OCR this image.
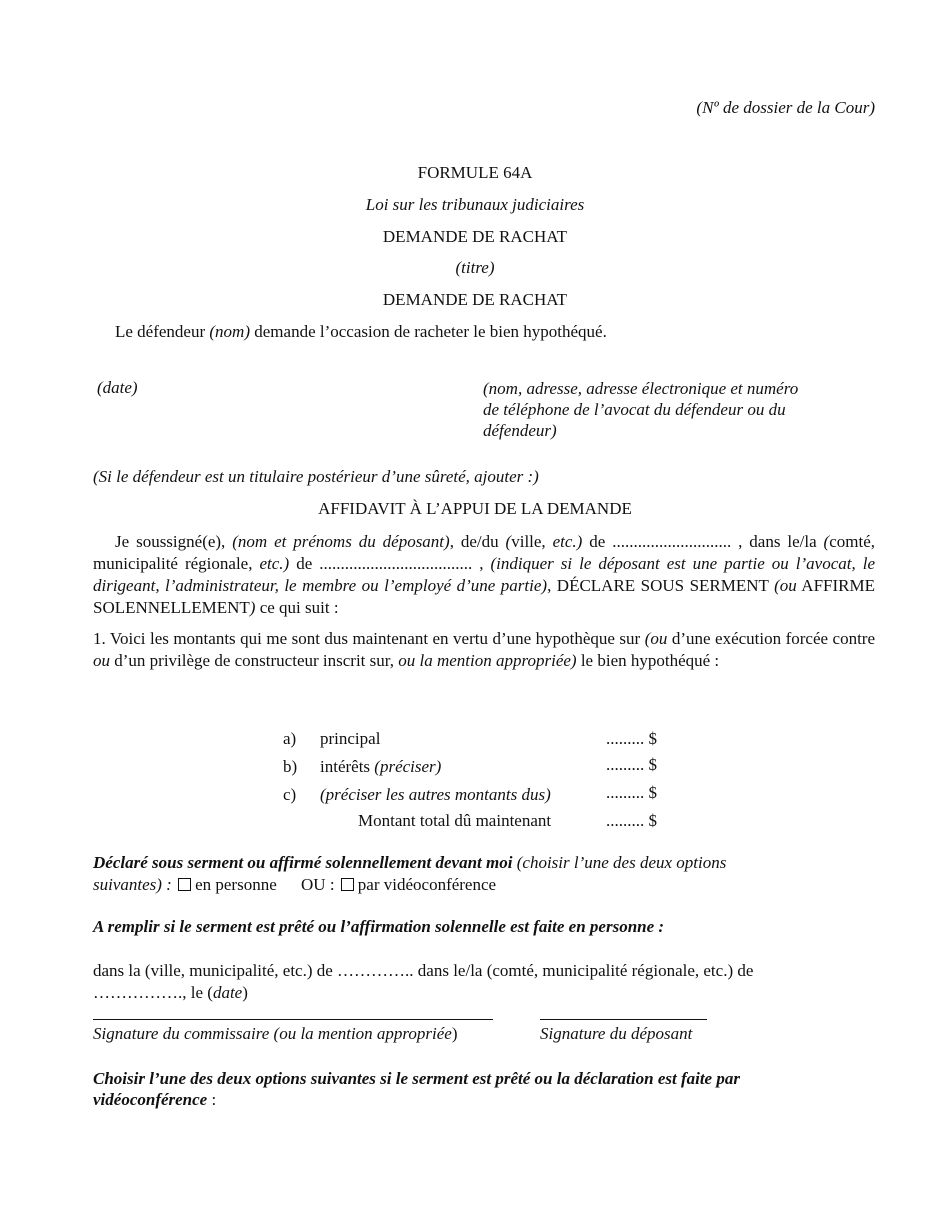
(Nº de dossier de la Cour)
FORMULE 64A
Loi sur les tribunaux judiciaires
DEMANDE DE RACHAT
(titre)
DEMANDE DE RACHAT
Le défendeur (nom) demande l’occasion de racheter le bien hypothéqué.
(date)	(nom, adresse, adresse électronique et numéro
de téléphone de l’avocat du défendeur ou du
défendeur)
(Si le défendeur est un titulaire postérieur d’une sûreté, ajouter :)
AFFIDAVIT À L’APPUI DE LA DEMANDE
Je soussigné(e), (nom et prénoms du déposant), de/du (ville, etc.) de ............................ , dans le/la (comté, municipalité régionale, etc.) de .................................... , (indiquer si le déposant est une partie ou l’avocat, le dirigeant, l’administrateur, le membre ou l’employé d’une partie), DÉCLARE SOUS SERMENT (ou AFFIRME SOLENNELLEMENT) ce qui suit :
1. Voici les montants qui me sont dus maintenant en vertu d’une hypothèque sur (ou d’une exécution forcée contre ou d’un privilège de constructeur inscrit sur, ou la mention appropriée) le bien hypothéqué :
a) principal	......... $
b) intérêts (préciser)	......... $
c) (préciser les autres montants dus)	......... $
Montant total dû maintenant	......... $
Déclaré sous serment ou affirmé solennellement devant moi (choisir l’une des deux options
suivantes) : en personne OU : par vidéoconférence
A remplir si le serment est prêté ou l’affirmation solennelle est faite en personne :
dans la (ville, municipalité, etc.) de ………….. dans le/la (comté, municipalité régionale, etc.) de
……………., le (date)
Signature du commissaire (ou la mention appropriée)	Signature du déposant
Choisir l’une des deux options suivantes si le serment est prêté ou la déclaration est faite par
vidéoconférence :
